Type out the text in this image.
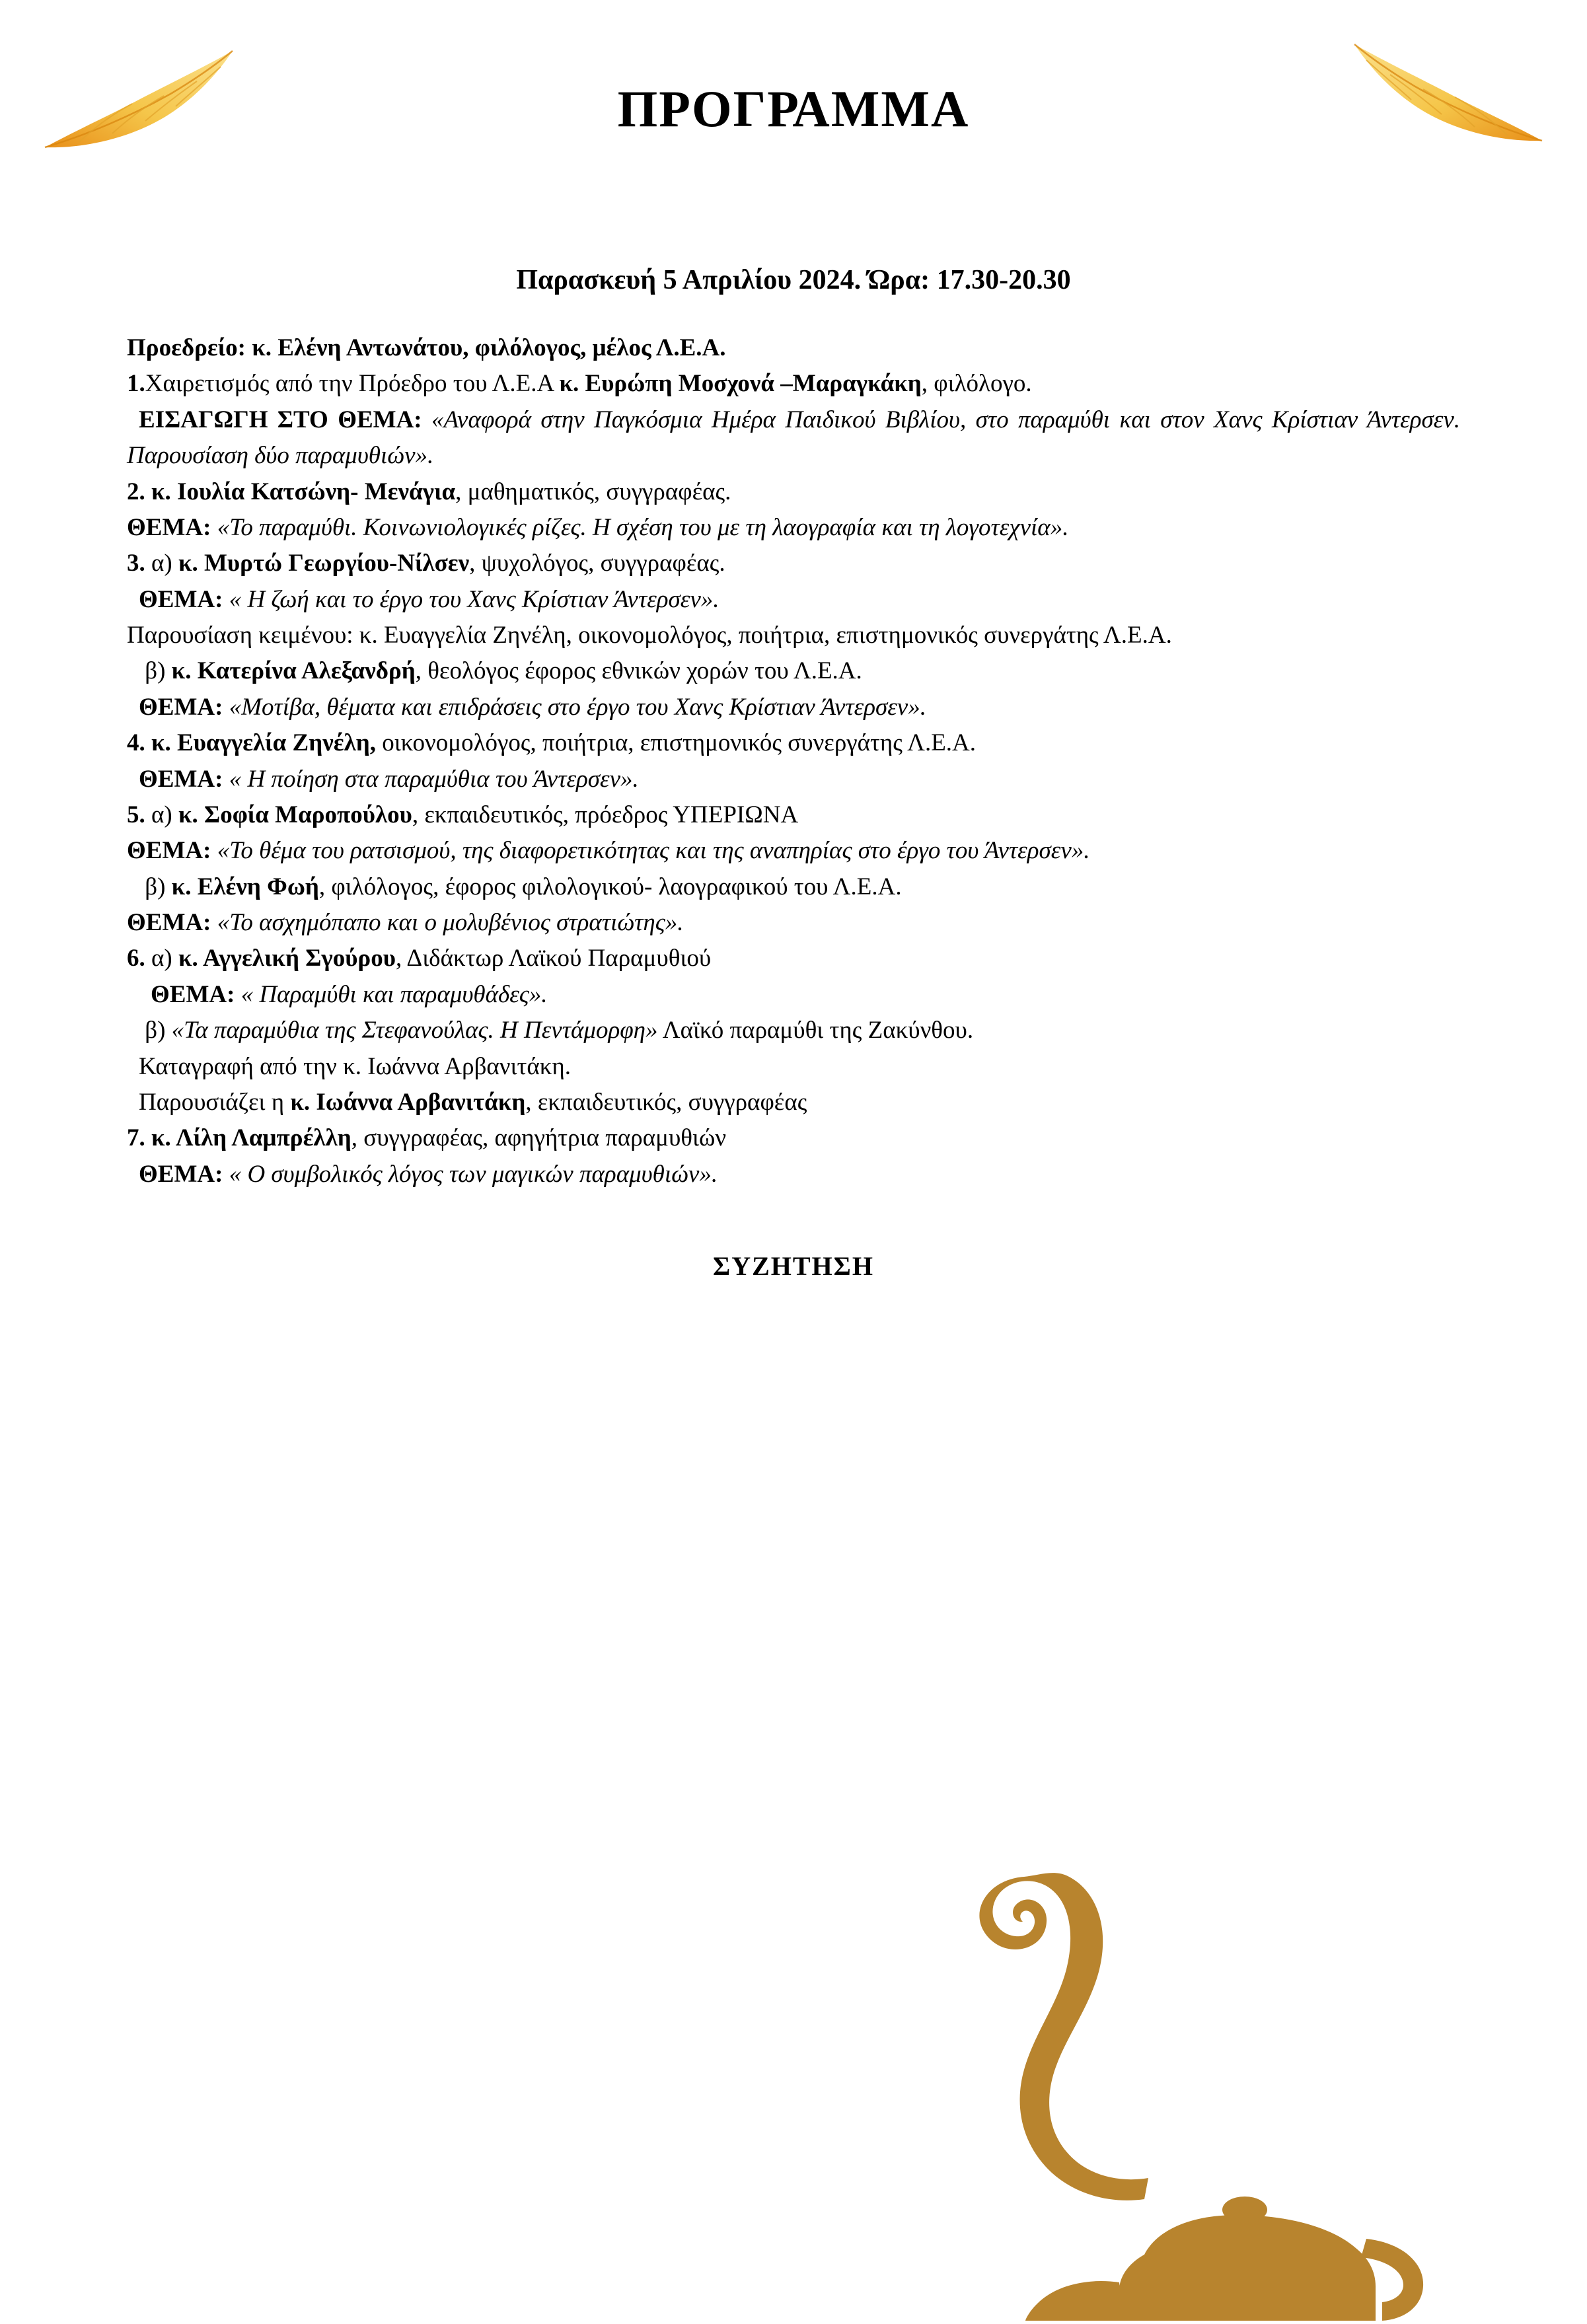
ΠΡΟΓΡΑΜΜΑ
Παρασκευή 5 Απριλίου 2024. Ώρα: 17.30-20.30

Προεδρείο: κ. Ελένη Αντωνάτου, φιλόλογος, μέλος Λ.Ε.Α.

1.Χαιρετισμός από την Πρόεδρο του Λ.Ε.Α κ. Ευρώπη Μοσχονά –Μαραγκάκη, φιλόλογο.

ΕΙΣΑΓΩΓΗ ΣΤΟ ΘΕΜΑ: «Αναφορά στην Παγκόσμια Ημέρα Παιδικού Βιβλίου, στο παραμύθι και στον Χανς Κρίστιαν Άντερσεν. Παρουσίαση δύο παραμυθιών».

2. κ. Ιουλία Κατσώνη- Μενάγια, μαθηματικός, συγγραφέας.

ΘΕΜΑ: «Το παραμύθι. Κοινωνιολογικές ρίζες. Η σχέση του με τη λαογραφία και τη λογοτεχνία».

3. α) κ. Μυρτώ Γεωργίου-Νίλσεν, ψυχολόγος, συγγραφέας.

ΘΕΜΑ: « Η ζωή και το έργο του Χανς Κρίστιαν Άντερσεν».

Παρουσίαση κειμένου: κ. Ευαγγελία Ζηνέλη, οικονομολόγος, ποιήτρια, επιστημονικός συνεργάτης Λ.Ε.Α.

β) κ. Κατερίνα Αλεξανδρή, θεολόγος έφορος εθνικών χορών του Λ.Ε.Α.

ΘΕΜΑ: «Μοτίβα, θέματα και επιδράσεις στο έργο του Χανς Κρίστιαν Άντερσεν».

4. κ. Ευαγγελία Ζηνέλη, οικονομολόγος, ποιήτρια, επιστημονικός συνεργάτης Λ.Ε.Α.

ΘΕΜΑ: « Η ποίηση στα παραμύθια του Άντερσεν».

5. α) κ. Σοφία Μαροπούλου, εκπαιδευτικός, πρόεδρος ΥΠΕΡΙΩΝΑ

ΘΕΜΑ: «Το θέμα του ρατσισμού, της διαφορετικότητας και της αναπηρίας στο έργο του Άντερσεν».

β) κ. Ελένη Φωή, φιλόλογος, έφορος φιλολογικού- λαογραφικού του Λ.Ε.Α.

ΘΕΜΑ: «Το ασχημόπαπο και ο μολυβένιος στρατιώτης».

6. α) κ. Αγγελική Σγούρου, Διδάκτωρ Λαϊκού Παραμυθιού

ΘΕΜΑ: « Παραμύθι και παραμυθάδες».

β) «Τα παραμύθια της Στεφανούλας. Η Πεντάμορφη» Λαϊκό παραμύθι της Ζακύνθου.

Καταγραφή από την κ. Ιωάννα Αρβανιτάκη.

Παρουσιάζει η κ. Ιωάννα Αρβανιτάκη, εκπαιδευτικός, συγγραφέας

7. κ. Λίλη Λαμπρέλλη, συγγραφέας, αφηγήτρια παραμυθιών

ΘΕΜΑ: « Ο συμβολικός λόγος των μαγικών παραμυθιών».

ΣΥΖΗΤΗΣΗ
